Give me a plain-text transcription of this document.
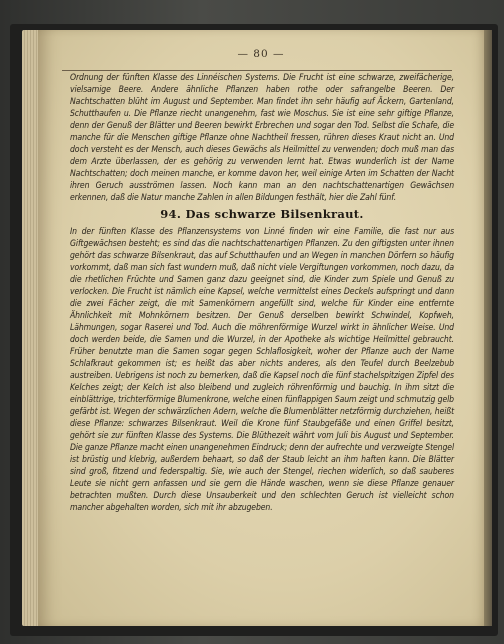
— 80 —

Ordnung der fünften Klasse des Linnéischen Systems. Die Frucht ist eine schwarze, zweifächerige, vielsamige Beere. Andere ähnliche Pflanzen haben rothe oder safrangelbe Beeren. Der Nachtschatten blüht im August und September. Man findet ihn sehr häufig auf Äckern, Gartenland, Schutthaufen u. Die Pflanze riecht unangenehm, fast wie Moschus. Sie ist eine sehr giftige Pflanze, denn der Genuß der Blätter und Beeren bewirkt Erbrechen und sogar den Tod. Selbst die Schafe, die manche für die Menschen giftige Pflanze ohne Nachtheil fressen, rühren dieses Kraut nicht an. Und doch versteht es der Mensch, auch dieses Gewächs als Heilmittel zu verwenden; doch muß man das dem Arzte überlassen, der es gehörig zu verwenden lernt hat. Etwas wunderlich ist der Name Nachtschatten; doch meinen manche, er komme davon her, weil einige Arten im Schatten der Nacht ihren Geruch ausströmen lassen. Noch kann man an den nachtschattenartigen Gewächsen erkennen, daß die Natur manche Zahlen in allen Bildungen festhält, hier die Zahl fünf.

94. Das schwarze Bilsenkraut.

In der fünften Klasse des Pflanzensystems von Linné finden wir eine Familie, die fast nur aus Giftgewächsen besteht; es sind das die nachtschattenartigen Pflanzen. Zu den giftigsten unter ihnen gehört das schwarze Bilsenkraut, das auf Schutthaufen und an Wegen in manchen Dörfern so häufig vorkommt, daß man sich fast wundern muß, daß nicht viele Vergiftungen vorkommen, noch dazu, da die rhetlichen Früchte und Samen ganz dazu geeignet sind, die Kinder zum Spiele und Genuß zu verlocken. Die Frucht ist nämlich eine Kapsel, welche vermittelst eines Deckels aufspringt und dann die zwei Fächer zeigt, die mit Samenkörnern angefüllt sind, welche für Kinder eine entfernte Ähnlichkeit mit Mohnkörnern besitzen. Der Genuß derselben bewirkt Schwindel, Kopfweh, Lähmungen, sogar Raserei und Tod. Auch die möhrenförmige Wurzel wirkt in ähnlicher Weise. Und doch werden beide, die Samen und die Wurzel, in der Apotheke als wichtige Heilmittel gebraucht. Früher benutzte man die Samen sogar gegen Schlaflosigkeit, woher der Pflanze auch der Name Schlafkraut gekommen ist; es heißt das aber nichts anderes, als den Teufel durch Beelzebub austreiben. Uebrigens ist noch zu bemerken, daß die Kapsel noch die fünf stachelspitzigen Zipfel des Kelches zeigt; der Kelch ist also bleibend und zugleich röhrenförmig und bauchig. In ihm sitzt die einblättrige, trichterförmige Blumenkrone, welche einen fünflappigen Saum zeigt und schmutzig gelb gefärbt ist. Wegen der schwärzlichen Adern, welche die Blumenblätter netzförmig durchziehen, heißt diese Pflanze: schwarzes Bilsenkraut. Weil die Krone fünf Staubgefäße und einen Griffel besitzt, gehört sie zur fünften Klasse des Systems. Die Blüthezeit währt vom Juli bis August und September. Die ganze Pflanze macht einen unangenehmen Eindruck; denn der aufrechte und verzweigte Stengel ist brüstig und klebrig, außerdem behaart, so daß der Staub leicht an ihm haften kann. Die Blätter sind groß, fitzend und federspaltig. Sie, wie auch der Stengel, riechen widerlich, so daß sauberes Leute sie nicht gern anfassen und sie gern die Hände waschen, wenn sie diese Pflanze genauer betrachten mußten. Durch diese Unsauberkeit und den schlechten Geruch ist vielleicht schon mancher abgehalten worden, sich mit ihr abzugeben.
